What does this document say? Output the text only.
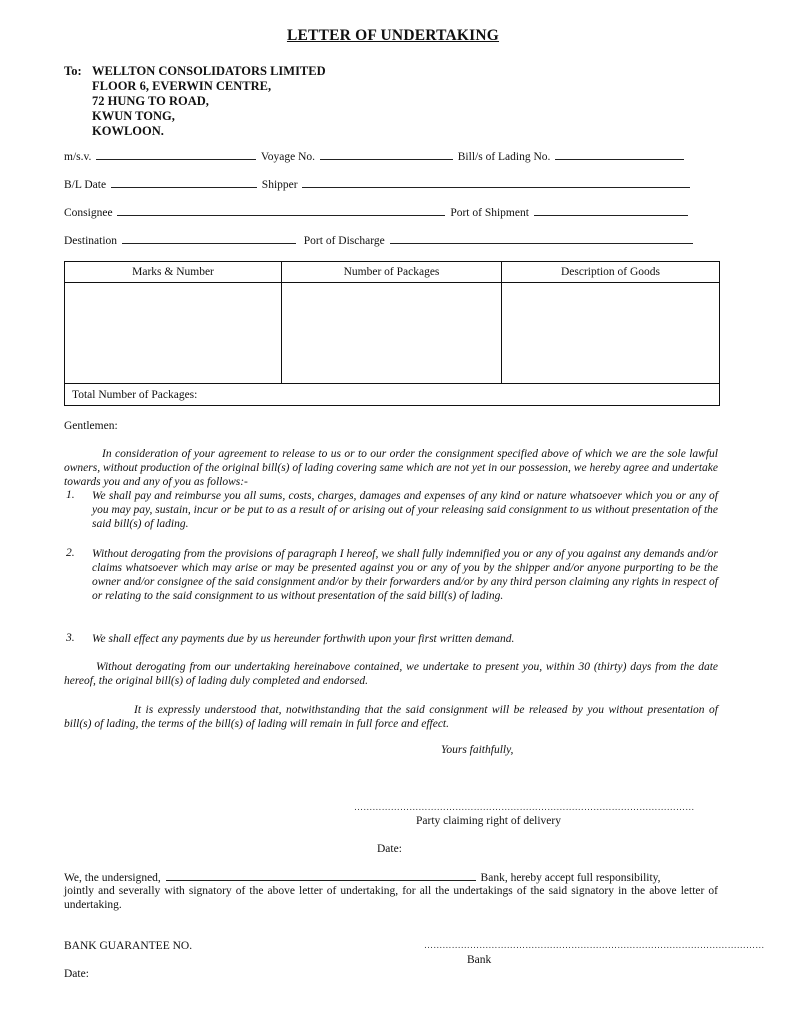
LETTER OF UNDERTAKING
To: WELLTON CONSOLIDATORS LIMITED
FLOOR 6, EVERWIN CENTRE,
72 HUNG TO ROAD,
KWUN TONG,
KOWLOON.
m/s.v.	Voyage No.	Bill/s of Lading No.
B/L Date	Shipper
Consignee	Port of Shipment
Destination	Port of Discharge
Marks & Number	Number of Packages	Description of Goods

Total Number of Packages:		
Gentlemen:
In consideration of your agreement to release to us or to our order the consignment specified above of which we are the sole lawful owners, without production of the original bill(s) of lading covering same which are not yet in our possession, we hereby agree and undertake towards you and any of you as follows:-
1. We shall pay and reimburse you all sums, costs, charges, damages and expenses of any kind or nature whatsoever which you or any of you may pay, sustain, incur or be put to as a result of or arising out of your releasing said consignment to us without presentation of the said bill(s) of lading.
2. Without derogating from the provisions of paragraph I hereof, we shall fully indemnified you or any of you against any demands and/or claims whatsoever which may arise or may be presented against you or any of you by the shipper and/or anyone purporting to be the owner and/or consignee of the said consignment and/or by their forwarders and/or by any third person claiming any rights in respect of or relating to the said consignment to us without presentation of the said bill(s) of lading.
3. We shall effect any payments due by us hereunder forthwith upon your first written demand.
Without derogating from our undertaking hereinabove contained, we undertake to present you, within 30 (thirty) days from the date hereof, the original bill(s) of lading duly completed and endorsed.
It is expressly understood that, notwithstanding that the said consignment will be released by you without presentation of bill(s) of lading, the terms of the bill(s) of lading will remain in full force and effect.
Yours faithfully,
…………………………………………………………………………………………………
Party claiming right of delivery
Date:
We, the undersigned,	Bank, hereby accept full responsibility,
jointly and severally with signatory of the above letter of undertaking, for all the undertakings of the said signatory in the above letter of undertaking.
BANK GUARANTEE NO.	…………………………………………………………………………………………………
Bank
Date:
